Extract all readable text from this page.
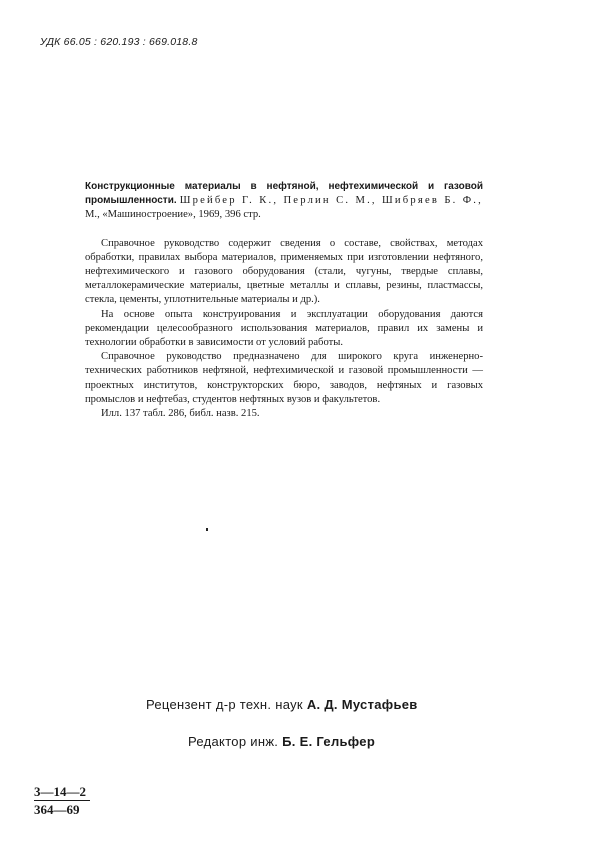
УДК 66.05 : 620.193 : 669.018.8

Конструкционные материалы в нефтяной, нефтехимической и газовой промышленности. Шрейбер Г. К., Перлин С. М., Шибряев Б. Ф., М., «Машиностроение», 1969, 396 стр.

Справочное руководство содержит сведения о составе, свойствах, методах обработки, правилах выбора материалов, применяемых при изготовлении нефтяного, нефтехимического и газового оборудования (стали, чугуны, твердые сплавы, металлокерамические материалы, цветные металлы и сплавы, резины, пластмассы, стекла, цементы, уплотнительные материалы и др.).

На основе опыта конструирования и эксплуатации оборудования даются рекомендации целесообразного использования материалов, правил их замены и технологии обработки в зависимости от условий работы.

Справочное руководство предназначено для широкого круга инженерно-технических работников нефтяной, нефтехимической и газовой промышленности — проектных институтов, конструкторских бюро, заводов, нефтяных и газовых промыслов и нефтебаз, студентов нефтяных вузов и факультетов.

Илл. 137 табл. 286, библ. назв. 215.

Рецензент д-р техн. наук А. Д. Мустафьев
Редактор инж. Б. Е. Гельфер
3—14—2
364—69
